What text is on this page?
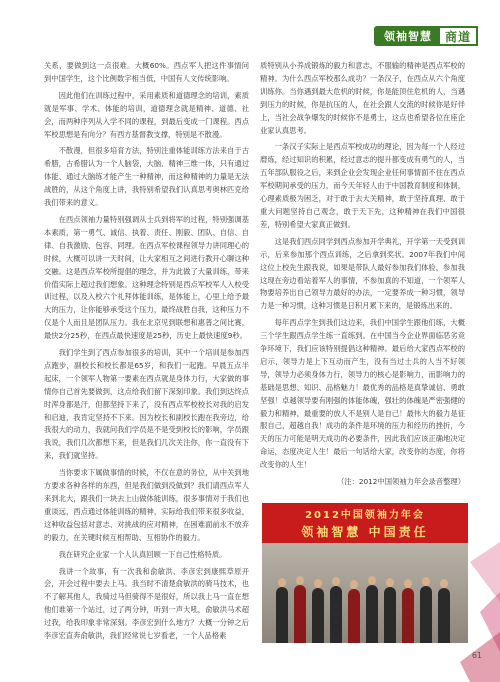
领袖智慧	商道

关系，要做到这一点很难。大概60%。西点军人把这件事情问到中国学生，这个比例数字相当低，中国有人文传统影响。

因此他们在训练过程中，采用素质和道德理念的培训，素质就是军事、学术、体能的培训，道德理念就是精神、道德、社会，而两种序列从入学不同的课程，到最后变成一门课程。西点军校思想是有向分？有西方基督教支撑，特别是不散漫。

不散漫，但很多培育方法，特别注重体能训练方法来自于古希腊，古希腊认为一个人脑袋，大脑、精神三维一体，只有通过体能、通过大脑练才能产生一种精神，而这种精神的力量是无法战胜的，从这个角度上讲，我特别希望我们认真思考奥林匹克给我们带来的意义。

在西点领袖力量特别强调从士兵到将军的过程，特别强调基本素质，第一勇气、诚信、执着、责任、刚毅、团队、自信、自律、自我激励、包容、同理。在西点军校课程领导力讲同理心的时候，大概可以讲一天时间，让大家相互之间进行教开心聊这种交融。这是西点军校所提倡的理念，并为此做了大量训练，带来价值实际上超过我们想象。这种理念特别是西点军校军人入校受训过程，以及入校六个礼拜体能训练，是体能上，心里上给予最大的压力，让你能够承受这个压力，最终战胜自我，这种压力不仅是个人而且是团队压力。我在北京见到联想和惠普之间比赛，最快2分25秒，在西点最快速度是25秒，历史上最快速度9秒。

我们学生到了西点参加很多的培训，其中一个培训是参加西点跑步，副校长和校长都是65岁，和我们一起跑。早晨五点半起床，一个领军人物第一要素在西点就是身体力行，大家做的事情你自己首先要做到，这点给我们留下深刻印象。我们到达终点时浑身都是汗，但都坚持下来了，没有西点军校校长对我的启发和启迪，我肯定坚持不下来。因为校长和副校长跑在我旁边，给我很大的动力，我就问我们学员是不是受到校长的影响，学员跟我说，我们几次都想下来，但是我们几次关注你，你一直没有下来，我们就坚持。

当你要求下属做事情的时候，不仅在意的务位，从中关到地方要求各种各样的东西，但是我们做到没做到？我们请西点军人来到北大，跟我们一块去上山做体能训练，很多事情对于我们也重谈远，西点通过体能训练的精神，实际给我们带来很多收益，这种收益包括对意志、对挑战的应对精神，在困难面前永不放弃的毅力，在关键时候互相帮助、互相协作的毅力。

我在研究企业家一个人认真回顾一下自己性格特质。

我讲一个故事，有一次我和俞敏洪、李彦宏到康熙草原开会，开会过程中要去上马。我当时不清楚俞敏洪的骑马技术，也不了解其他人，我骑过马但骑得不是很好，所以我上马一直在想他们谁第一个站过，过了两分钟，听到一声大吼，俞敏洪马术超过我，给我印象非常深刻。李彦宏到什么地方？大概一分钟之后李彦宏直奔俞敏洪，我们经常说七岁看老，一个人品格素

质特别从小养成锻炼的毅力和意志，不服输的精神是西点军校的精神。为什么西点军校那么成功？一条汉子，在西点从六个角度训练你。当你遇到最大危机的时候，你是能顶住危机的人，当遇到压力的时候，你是抗压的人，在社会跟人交流的时候你是好伴上，当社会战争爆发的时候你不是勇士，这点也希望各位在座企业家认真思考。

一条汉子实际上是西点军校成功的理论，因为每一个人经过磨炼，经过知识的积累，经过意志的提升都变成有勇气的人，当五年部队服役之后，来到企业会发现企业任何事情面不住在西点军校期间承受的压力，而今天年轻人由于中国教育制度和体制，心理素质极为困乏，对于敢于去大关精神，敢于坚持真理、敢于重大问题坚持自己观念，敢于天下先，这种精神在我们中国很差，特别希望大家真正做到。

这是我们西点同学到西点参加开学典礼，开学第一天受到训示，后来参加那个西点训练，之后拿到奖状。2007年我们中间这位上校先生跟我说，如果是带队人最好参加我们体验，参加我这现在旁边看站着军人的事情，不参加真的不知道，一个领军人物要培养出自己领导力最好的办法，一定要养成一种习惯，领导力是一种习惯，这种习惯是日积月累下来的，是锻炼出来的。

每年西点学生到我们这边来，我们中国学生跟他们练，大概三个学生跟西点学生练一直练到。在中国当今企业界面临恶劣竞争环境下，我们应该特别提倡这种精神。最后给大家西点军校的启示，领导力是上下互动而产生，没有当过士兵的人当不好领导，领导力必须身体力行，领导力的核心是影响力，而影响力的基础是思想、知识、品格魅力！最优秀的品格是真挚诚信、勇敢坚强！卓越领导要有刚强的体能体魄，强壮的体魄是严密强健的毅力和精神，最重要的放人不是别人是自己！最伟大的毅力是征服自己，超越自我！成功的条件是环境的压力和经历的挫折，今天的压力可能是明天成功的必要条件，因此我们应该正确地决定命运，态度决定人生！最后一句话给大家，改变你的态度，你将改变你的人生！

（注：2012中国领袖力年会录音整理）

2012中国领袖力年会
领袖智慧 中国责任
61
